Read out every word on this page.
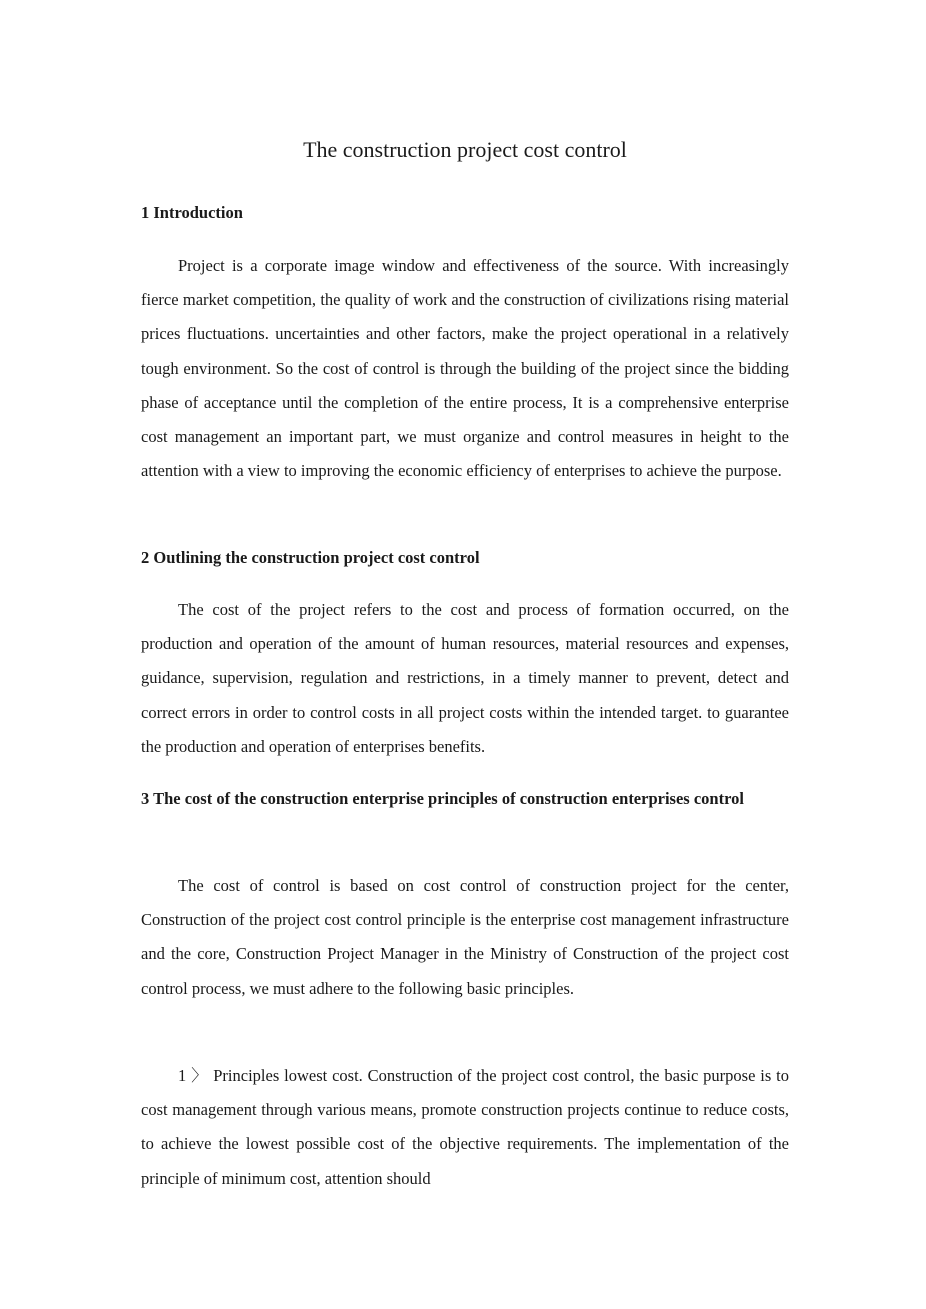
The construction project cost control
1 Introduction

Project is a corporate image window and effectiveness of the source. With increasingly fierce market competition, the quality of work and the construction of civilizations rising material prices fluctuations. uncertainties and other factors, make the project operational in a relatively tough environment. So the cost of control is through the building of the project since the bidding phase of acceptance until the completion of the entire process, It is a comprehensive enterprise cost management an important part, we must organize and control measures in height to the attention with a view to improving the economic efficiency of enterprises to achieve the purpose.

2 Outlining the construction project cost control

The cost of the project refers to the cost and process of formation occurred, on the production and operation of the amount of human resources, material resources and expenses, guidance, supervision, regulation and restrictions, in a timely manner to prevent, detect and correct errors in order to control costs in all project costs within the intended target. to guarantee the production and operation of enterprises benefits.

3 The cost of the construction enterprise principles of construction enterprises control

The cost of control is based on cost control of construction project for the center, Construction of the project cost control principle is the enterprise cost management infrastructure and the core, Construction Project Manager in the Ministry of Construction of the project cost control process, we must adhere to the following basic principles.

1 〉 Principles lowest cost. Construction of the project cost control, the basic purpose is to cost management through various means, promote construction projects continue to reduce costs, to achieve the lowest possible cost of the objective requirements. The implementation of the principle of minimum cost, attention should
